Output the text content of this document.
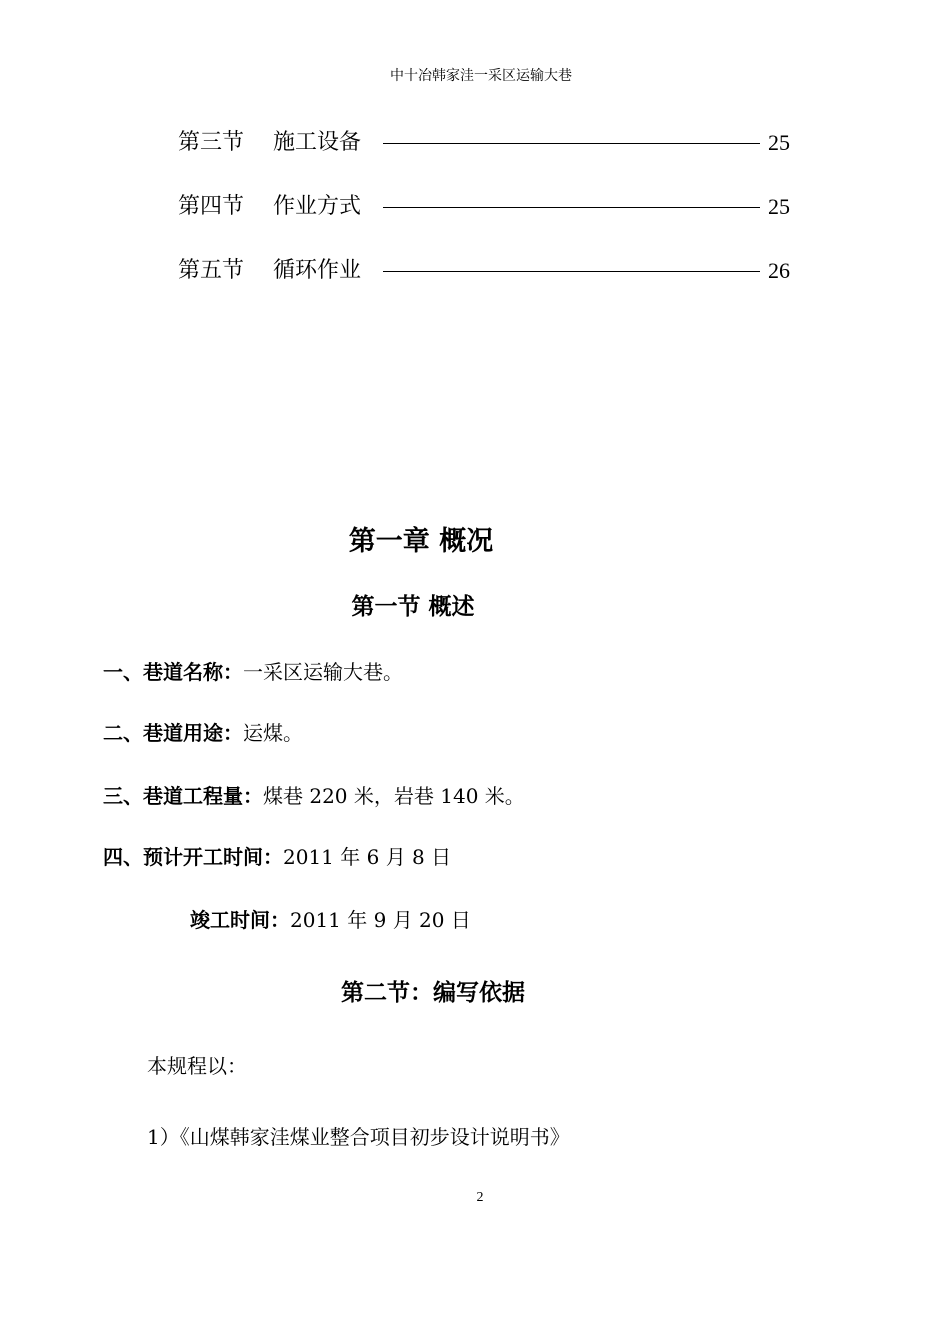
中十冶韩家洼一采区运输大巷
第三节 施工设备	25
第四节 作业方式	25
第五节 循环作业	26
第一章 概况
第一节 概述
一、巷道名称：一采区运输大巷。
二、巷道用途：运煤。
三、巷道工程量：煤巷 220 米，岩巷 140 米。
四、预计开工时间：2011 年 6 月 8 日
竣工时间：2011 年 9 月 20 日
第二节：编写依据
本规程以：
1）《山煤韩家洼煤业整合项目初步设计说明书》
2
